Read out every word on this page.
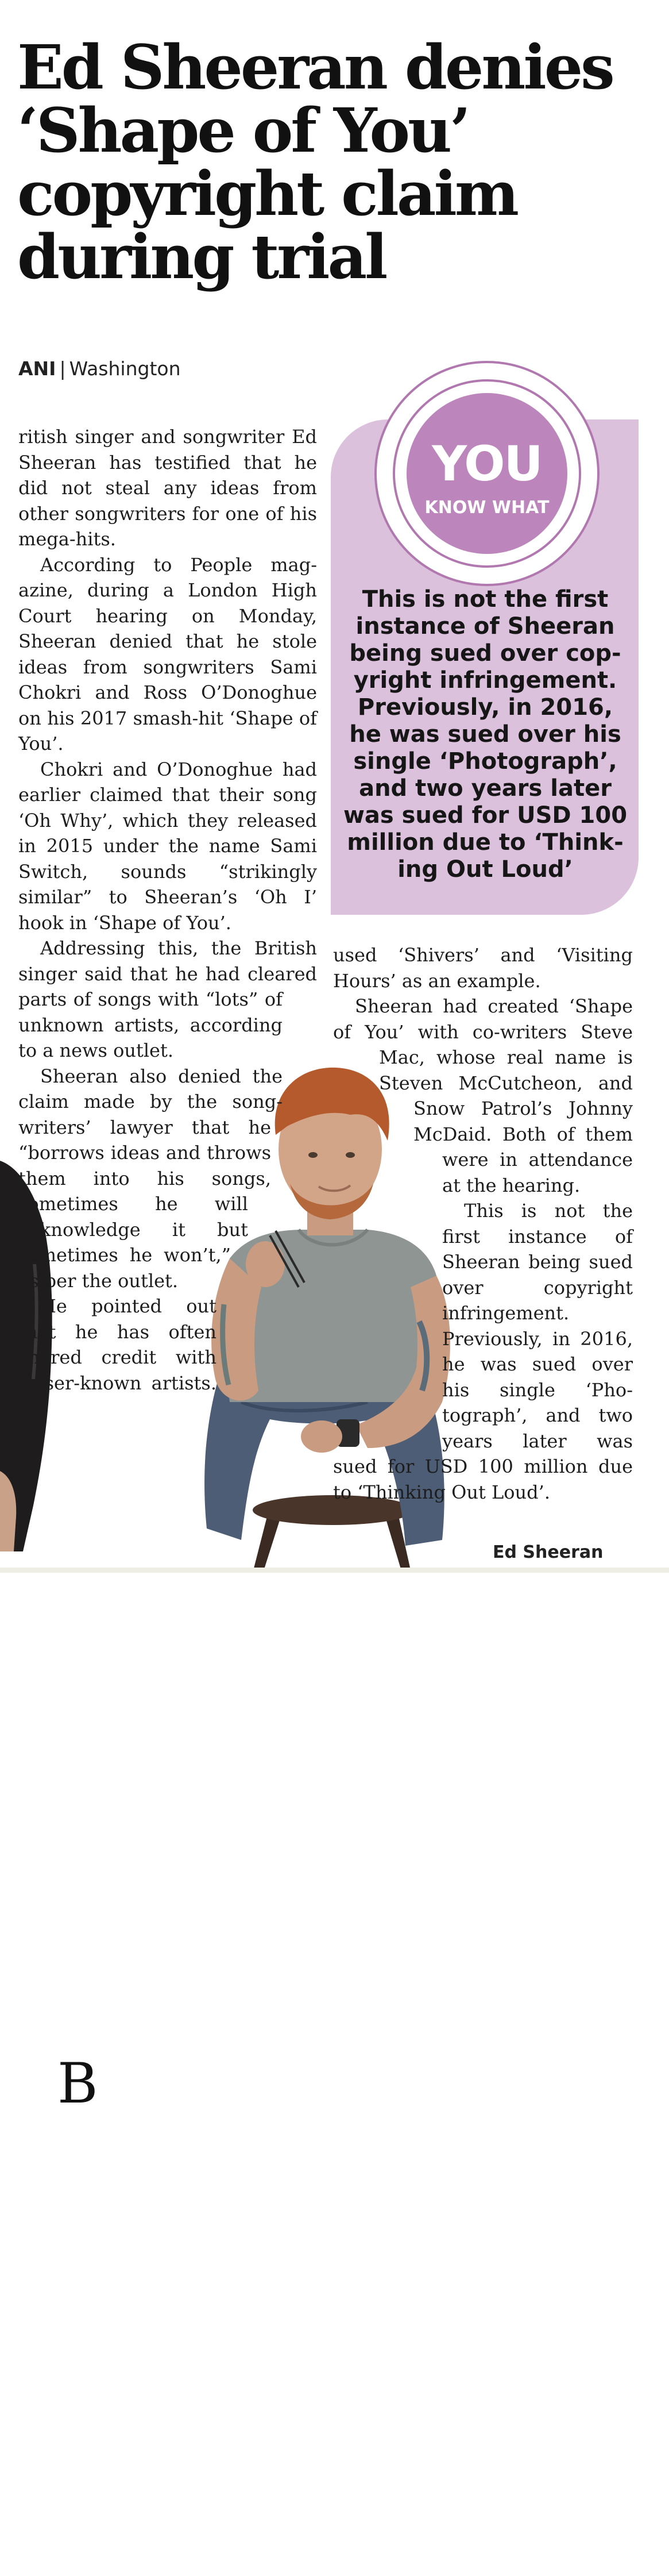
Ed Sheeran denies ‘Shape of You’ copyright claim during trial
ANI | Washington
YOU
KNOW WHAT
This is not the first instance of Sheeran being sued over copyright infringement. Previously, in 2016, he was sued over his single ‘Photograph’, and two years later was sued for USD 100 million due to ‘Thinking Out Loud’

B
ritish singer and songwriter Ed Sheeran has testified that he did not steal any ideas from other songwriters for one of his mega-hits.

According to People magazine, during a London High Court hearing on Monday, Sheeran denied that he stole ideas from songwriters Sami Chokri and Ross O’Donoghue on his 2017 smash-hit ‘Shape of You’.

Chokri and O’Donoghue had earlier claimed that their song ‘Oh Why’, which they released in 2015 under the name Sami Switch, sounds “strikingly similar” to Sheeran’s ‘Oh I’ hook in ‘Shape of You’.

Addressing this, the British singer said that he had cleared parts of songs with “lots” of unknown artists, according to a news outlet.

Sheeran also denied the claim made by the songwriters’ lawyer that he “borrows ideas and throws them into his songs, sometimes he will acknowledge it but sometimes he won’t,” as per the outlet.

He pointed out that he has often shared credit with lesser-known artists. He

used ‘Shivers’ and ‘Visiting Hours’ as an example.

Sheeran had created ‘Shape of You’ with co-writers Steve Mac, whose real name is Steven McCutcheon, and Snow Patrol’s Johnny McDaid. Both of them were in attendance at the hearing.

This is not the first instance of Sheeran being sued over copyright infringement. Previously, in 2016, he was sued over his single ‘Photograph’, and two years later was sued for USD 100 million due to ‘Thinking Out Loud’.

Ed Sheeran
